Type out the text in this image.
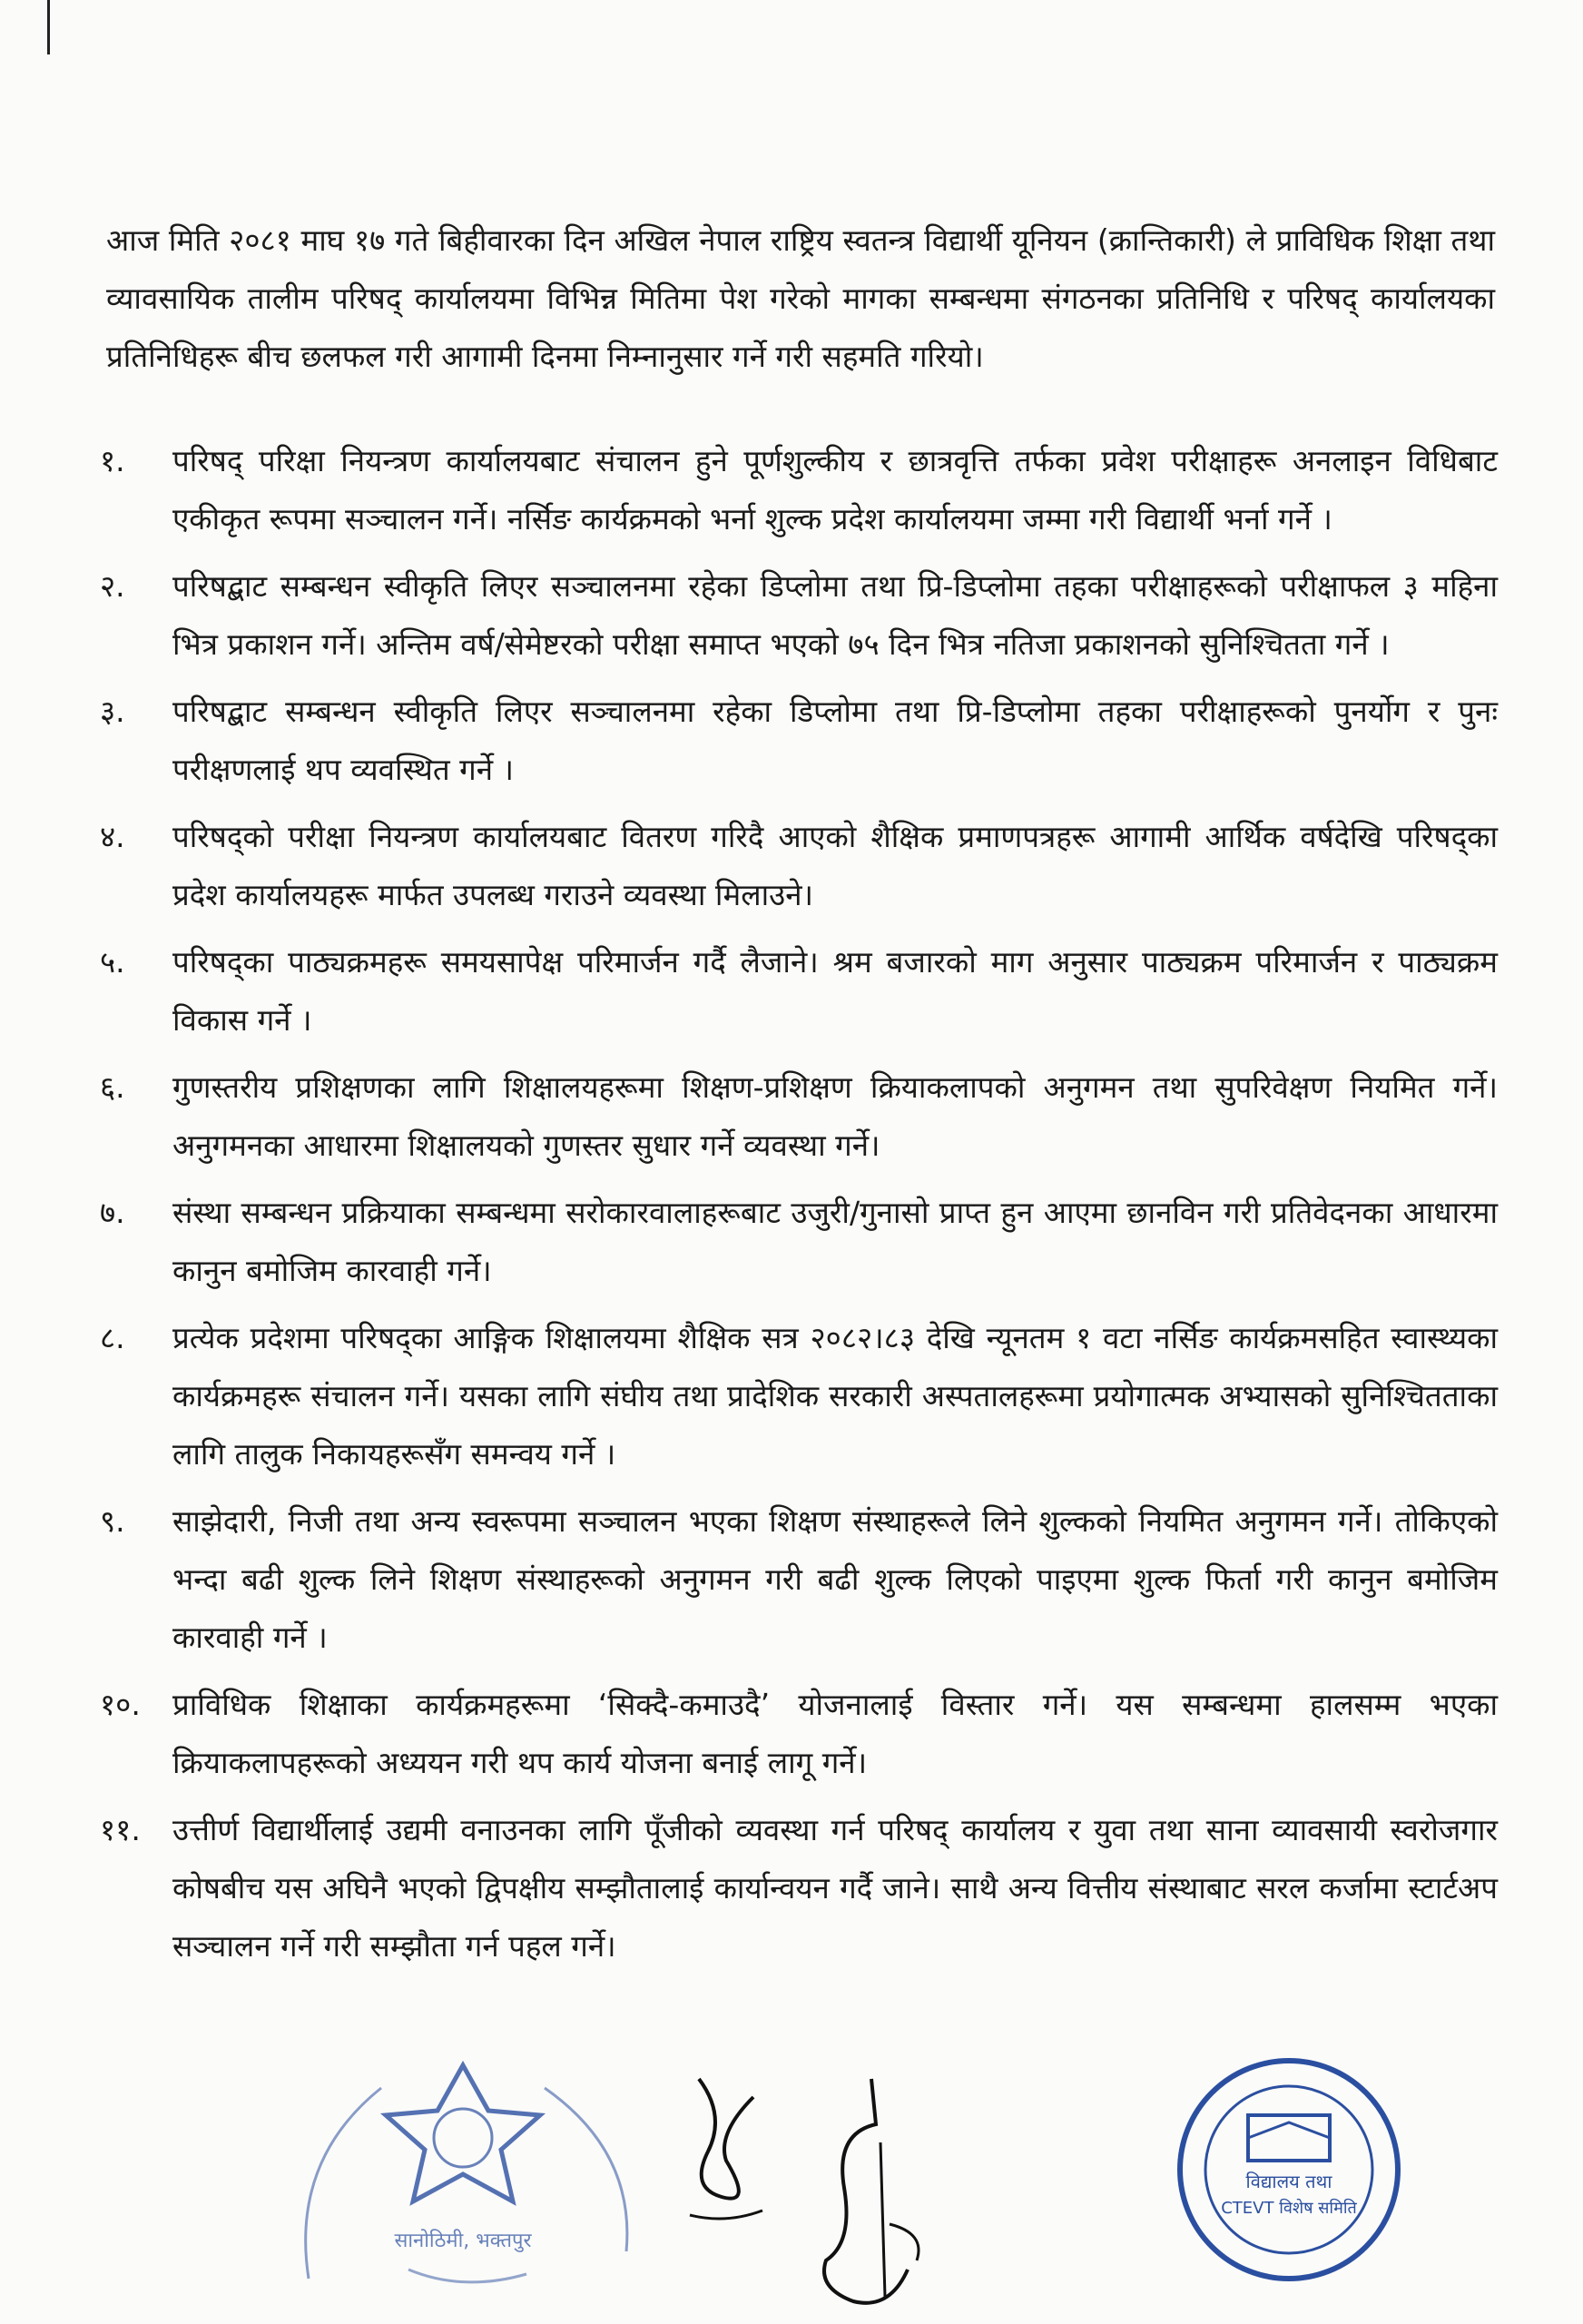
आज मिति २०८१ माघ १७ गते बिहीवारका दिन अखिल नेपाल राष्ट्रिय स्वतन्त्र विद्यार्थी यूनियन (क्रान्तिकारी) ले प्राविधिक शिक्षा तथा व्यावसायिक तालीम परिषद् कार्यालयमा विभिन्न मितिमा पेश गरेको मागका सम्बन्धमा संगठनका प्रतिनिधि र परिषद् कार्यालयका प्रतिनिधिहरू बीच छलफल गरी आगामी दिनमा निम्नानुसार गर्ने गरी सहमति गरियो।

१.	परिषद् परिक्षा नियन्त्रण कार्यालयबाट संचालन हुने पूर्णशुल्कीय र छात्रवृत्ति तर्फका प्रवेश परीक्षाहरू अनलाइन विधिबाट एकीकृत रूपमा सञ्चालन गर्ने। नर्सिङ कार्यक्रमको भर्ना शुल्क प्रदेश कार्यालयमा जम्मा गरी विद्यार्थी भर्ना गर्ने ।
२.	परिषद्बाट सम्बन्धन स्वीकृति लिएर सञ्चालनमा रहेका डिप्लोमा तथा प्रि-डिप्लोमा तहका परीक्षाहरूको परीक्षाफल ३ महिना भित्र प्रकाशन गर्ने। अन्तिम वर्ष/सेमेष्टरको परीक्षा समाप्त भएको ७५ दिन भित्र नतिजा प्रकाशनको सुनिश्चितता गर्ने ।
३.	परिषद्बाट सम्बन्धन स्वीकृति लिएर सञ्चालनमा रहेका डिप्लोमा तथा प्रि-डिप्लोमा तहका परीक्षाहरूको पुनर्योग र पुनः परीक्षणलाई थप व्यवस्थित गर्ने ।
४.	परिषद्को परीक्षा नियन्त्रण कार्यालयबाट वितरण गरिदै आएको शैक्षिक प्रमाणपत्रहरू आगामी आर्थिक वर्षदेखि परिषद्का प्रदेश कार्यालयहरू मार्फत उपलब्ध गराउने व्यवस्था मिलाउने।
५.	परिषद्का पाठ्यक्रमहरू समयसापेक्ष परिमार्जन गर्दै लैजाने। श्रम बजारको माग अनुसार पाठ्यक्रम परिमार्जन र पाठ्यक्रम विकास गर्ने ।
६.	गुणस्तरीय प्रशिक्षणका लागि शिक्षालयहरूमा शिक्षण-प्रशिक्षण क्रियाकलापको अनुगमन तथा सुपरिवेक्षण नियमित गर्ने। अनुगमनका आधारमा शिक्षालयको गुणस्तर सुधार गर्ने व्यवस्था गर्ने।
७.	संस्था सम्बन्धन प्रक्रियाका सम्बन्धमा सरोकारवालाहरूबाट उजुरी/गुनासो प्राप्त हुन आएमा छानविन गरी प्रतिवेदनका आधारमा कानुन बमोजिम कारवाही गर्ने।
८.	प्रत्येक प्रदेशमा परिषद्का आङ्गिक शिक्षालयमा शैक्षिक सत्र २०८२।८३ देखि न्यूनतम १ वटा नर्सिङ कार्यक्रमसहित स्वास्थ्यका कार्यक्रमहरू संचालन गर्ने। यसका लागि संघीय तथा प्रादेशिक सरकारी अस्पतालहरूमा प्रयोगात्मक अभ्यासको सुनिश्चितताका लागि तालुक निकायहरूसँग समन्वय गर्ने ।
९.	साझेदारी, निजी तथा अन्य स्वरूपमा सञ्चालन भएका शिक्षण संस्थाहरूले लिने शुल्कको नियमित अनुगमन गर्ने। तोकिएको भन्दा बढी शुल्क लिने शिक्षण संस्थाहरूको अनुगमन गरी बढी शुल्क लिएको पाइएमा शुल्क फिर्ता गरी कानुन बमोजिम कारवाही गर्ने ।
१०.	प्राविधिक शिक्षाका कार्यक्रमहरूमा ‘सिक्दै-कमाउदै’ योजनालाई विस्तार गर्ने। यस सम्बन्धमा हालसम्म भएका क्रियाकलापहरूको अध्ययन गरी थप कार्य योजना बनाई लागू गर्ने।
११.	उत्तीर्ण विद्यार्थीलाई उद्यमी वनाउनका लागि पूँजीको व्यवस्था गर्न परिषद् कार्यालय र युवा तथा साना व्यावसायी स्वरोजगार कोषबीच यस अघिनै भएको द्विपक्षीय सम्झौतालाई कार्यान्वयन गर्दै जाने। साथै अन्य वित्तीय संस्थाबाट सरल कर्जामा स्टार्टअप सञ्चालन गर्ने गरी सम्झौता गर्न पहल गर्ने।
सानोठिमी, भक्तपुर
विद्यालय तथा
CTEVT विशेष समिति
